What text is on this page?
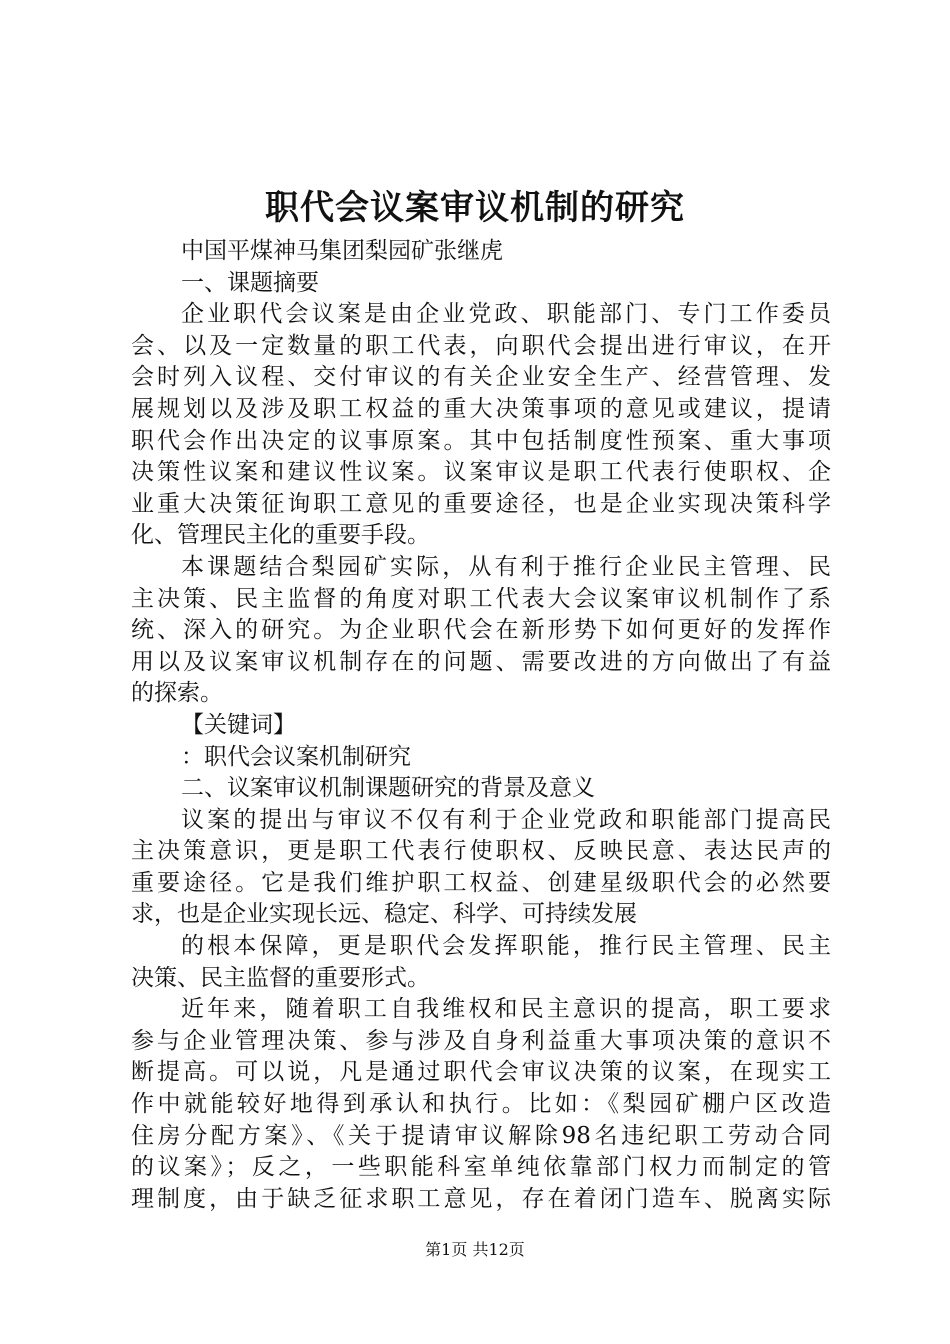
职代会议案审议机制的研究
中国平煤神马集团梨园矿张继虎
一、课题摘要
企业职代会议案是由企业党政、职能部门、专门工作委员
会、以及一定数量的职工代表，向职代会提出进行审议，在开
会时列入议程、交付审议的有关企业安全生产、经营管理、发
展规划以及涉及职工权益的重大决策事项的意见或建议，提请
职代会作出决定的议事原案。其中包括制度性预案、重大事项
决策性议案和建议性议案。议案审议是职工代表行使职权、企
业重大决策征询职工意见的重要途径，也是企业实现决策科学
化、管理民主化的重要手段。
本课题结合梨园矿实际，从有利于推行企业民主管理、民
主决策、民主监督的角度对职工代表大会议案审议机制作了系
统、深入的研究。为企业职代会在新形势下如何更好的发挥作
用以及议案审议机制存在的问题、需要改进的方向做出了有益
的探索。
【关键词】
：职代会议案机制研究
二、议案审议机制课题研究的背景及意义
议案的提出与审议不仅有利于企业党政和职能部门提高民
主决策意识，更是职工代表行使职权、反映民意、表达民声的
重要途径。它是我们维护职工权益、创建星级职代会的必然要
求，也是企业实现长远、稳定、科学、可持续发展
的根本保障，更是职代会发挥职能，推行民主管理、民主
决策、民主监督的重要形式。
近年来，随着职工自我维权和民主意识的提高，职工要求
参与企业管理决策、参与涉及自身利益重大事项决策的意识不
断提高。可以说，凡是通过职代会审议决策的议案，在现实工
作中就能较好地得到承认和执行。比如：《梨园矿棚户区改造
住房分配方案》、《关于提请审议解除98名违纪职工劳动合同
的议案》；反之，一些职能科室单纯依靠部门权力而制定的管
理制度，由于缺乏征求职工意见，存在着闭门造车、脱离实际
第1页 共12页
